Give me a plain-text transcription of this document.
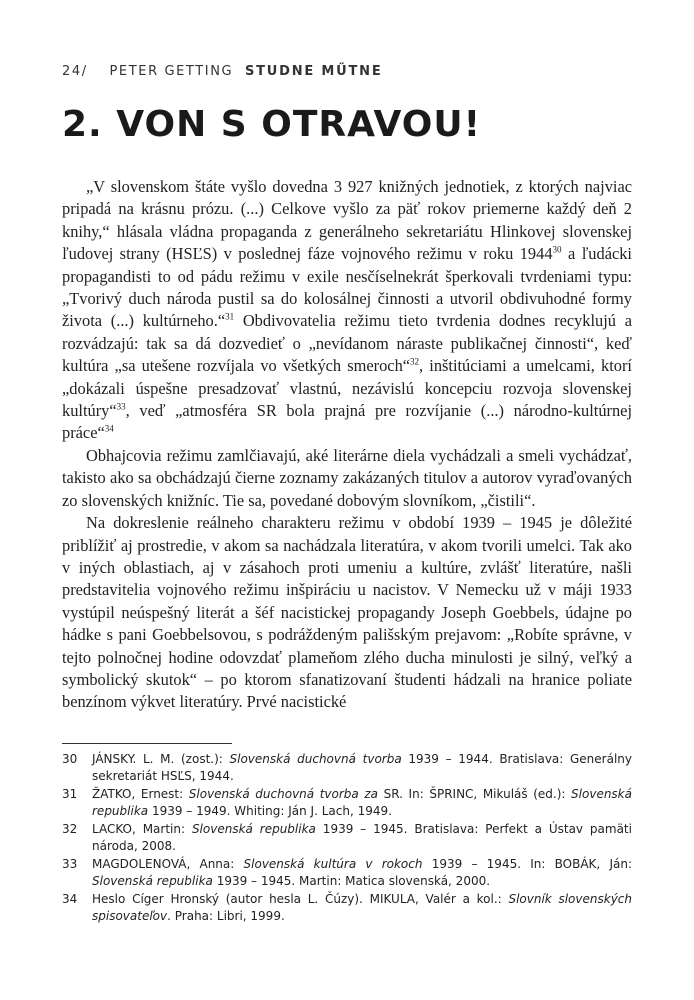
24/ PETER GETTING STUDNE MŰTNE
2. VON S OTRAVOU!

„V slovenskom štáte vyšlo dovedna 3 927 knižných jednotiek, z ktorých najviac pripadá na krásnu prózu. (...) Celkove vyšlo za päť rokov priemerne každý deň 2 knihy,“ hlásala vládna propaganda z generálneho sekretariátu Hlinkovej slovenskej ľudovej strany (HSĽS) v poslednej fáze vojnového režimu v roku 1944$^{30}$ a ľudácki propagandisti to od pádu režimu v exile nesčíselnekrát šperkovali tvrdeniami typu: „Tvorivý duch národa pustil sa do kolosálnej činnosti a utvoril obdivuhodné formy života (...) kultúrneho.“$^{31}$ Obdivovatelia režimu tieto tvrdenia dodnes recyklujú a rozvádzajú: tak sa dá dozvedieť o „nevídanom náraste publikačnej činnosti“, keď kultúra „sa utešene rozvíjala vo všetkých smeroch“$^{32}$, inštitúciami a umelcami, ktorí „dokázali úspešne presadzovať vlastnú, nezávislú koncepciu rozvoja slovenskej kultúry“$^{33}$, veď „atmosféra SR bola prajná pre rozvíjanie (...) národno-kultúrnej práce“$^{34}$

Obhajcovia režimu zamlčiavajú, aké literárne diela vychádzali a smeli vychádzať, takisto ako sa obchádzajú čierne zoznamy zakázaných titulov a autorov vyraďovaných zo slovenských knižníc. Tie sa, povedané dobovým slovníkom, „čistili“.

Na dokreslenie reálneho charakteru režimu v období 1939 – 1945 je dôležité priblížiť aj prostredie, v akom sa nachádzala literatúra, v akom tvorili umelci. Tak ako v iných oblastiach, aj v zásahoch proti umeniu a kultúre, zvlášť literatúre, našli predstavitelia vojnového režimu inšpiráciu u nacistov. V Nemecku už v máji 1933 vystúpil neúspešný literát a šéf nacistickej propagandy Joseph Goebbels, údajne po hádke s pani Goebbelsovou, s podráždeným pališským prejavom: „Robíte správne, v tejto polnočnej hodine odovzdať plameňom zlého ducha minulosti je silný, veľký a symbolický skutok“ – po ktorom sfanatizovaní študenti hádzali na hranice poliate benzínom výkvet literatúry. Prvé nacistické

30	JÁNSKY. L. M. (zost.): Slovenská duchovná tvorba 1939 – 1944. Bratislava: Generálny sekretariát HSĽS, 1944.
31	ŽATKO, Ernest: Slovenská duchovná tvorba za SR. In: ŠPRINC, Mikuláš (ed.): Slovenská republika 1939 – 1949. Whiting: Ján J. Lach, 1949.
32	LACKO, Martin: Slovenská republika 1939 – 1945. Bratislava: Perfekt a Ústav pamäti národa, 2008.
33	MAGDOLENOVÁ, Anna: Slovenská kultúra v rokoch 1939 – 1945. In: BOBÁK, Ján: Slovenská republika 1939 – 1945. Martin: Matica slovenská, 2000.
34	Heslo Cíger Hronský (autor hesla L. Čúzy). MIKULA, Valér a kol.: Slovník slovenských spisovateľov. Praha: Libri, 1999.
